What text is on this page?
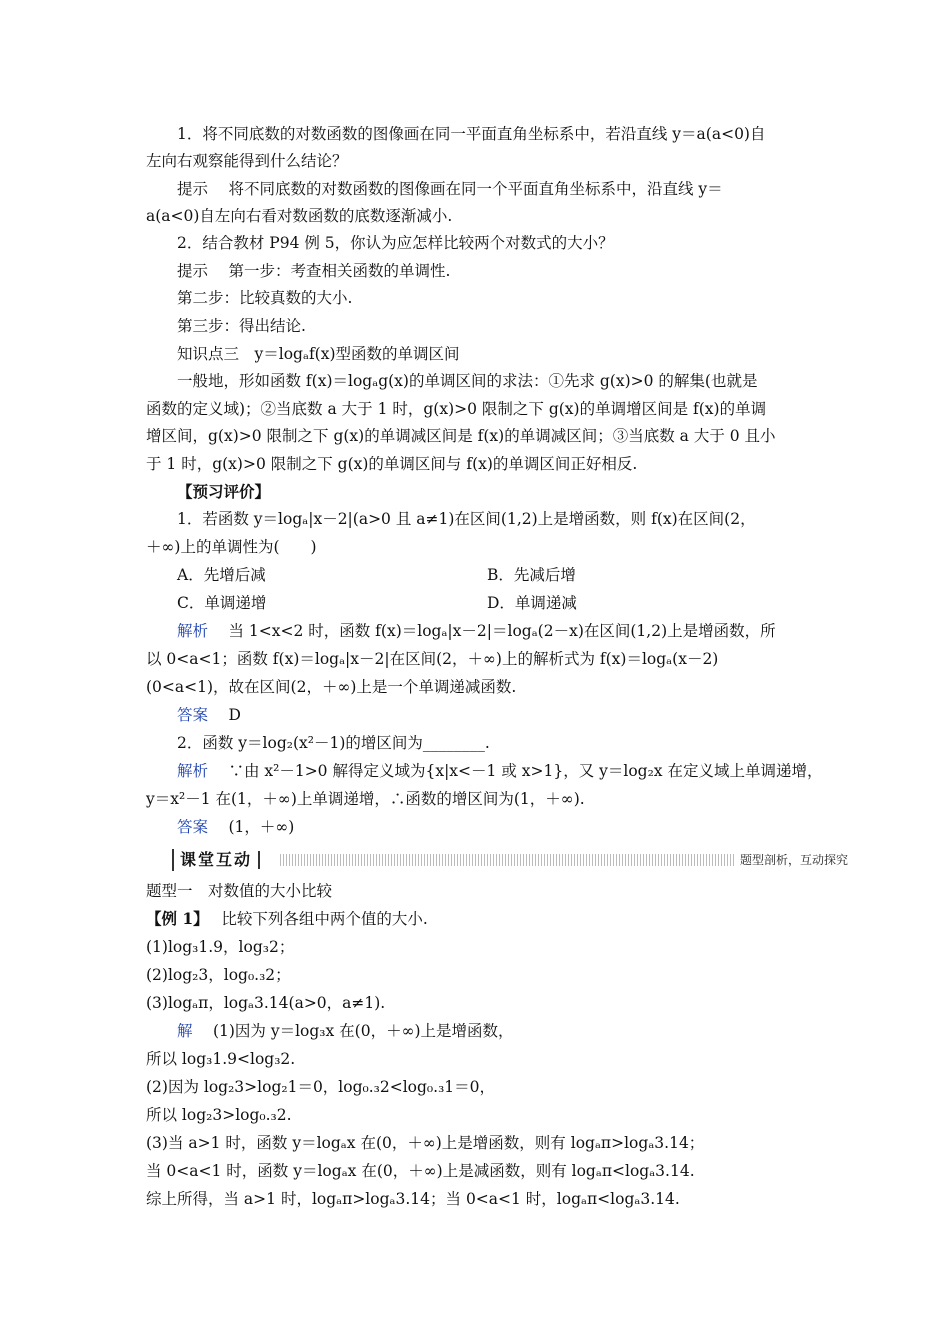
1．将不同底数的对数函数的图像画在同一平面直角坐标系中，若沿直线 y＝a(a<0)自
左向右观察能得到什么结论？
提示　 将不同底数的对数函数的图像画在同一个平面直角坐标系中，沿直线 y＝
a(a<0)自左向右看对数函数的底数逐渐减小.
2．结合教材 P94 例 5，你认为应怎样比较两个对数式的大小？
提示　 第一步：考查相关函数的单调性.
第二步：比较真数的大小.
第三步：得出结论.
知识点三　y＝logₐf(x)型函数的单调区间
一般地，形如函数 f(x)＝logₐg(x)的单调区间的求法：①先求 g(x)>0 的解集(也就是
函数的定义域)；②当底数 a 大于 1 时，g(x)>0 限制之下 g(x)的单调增区间是 f(x)的单调
增区间，g(x)>0 限制之下 g(x)的单调减区间是 f(x)的单调减区间；③当底数 a 大于 0 且小
于 1 时，g(x)>0 限制之下 g(x)的单调区间与 f(x)的单调区间正好相反.
【预习评价】
1．若函数 y＝logₐ|x－2|(a>0 且 a≠1)在区间(1,2)上是增函数，则 f(x)在区间(2，
＋∞)上的单调性为(　　)
A．先增后减	B．先减后增
C．单调递增	D．单调递减
解析　 当 1<x<2 时，函数 f(x)＝logₐ|x－2|＝logₐ(2－x)在区间(1,2)上是增函数，所
以 0<a<1；函数 f(x)＝logₐ|x－2|在区间(2，＋∞)上的解析式为 f(x)＝logₐ(x－2)
(0<a<1)，故在区间(2，＋∞)上是一个单调递减函数.
答案　 D
2．函数 y＝log₂(x²－1)的增区间为________.
解析　 ∵由 x²－1>0 解得定义域为{x|x<－1 或 x>1}，又 y＝log₂x 在定义域上单调递增，
y＝x²－1 在(1，＋∞)上单调递增，∴函数的增区间为(1，＋∞).
答案　 (1，＋∞)
课堂互动	题型剖析，互动探究
题型一　对数值的大小比较
【例 1】　 比较下列各组中两个值的大小.
(1)log₃1.9，log₃2；
(2)log₂3，log₀.₃2；
(3)logₐπ，logₐ3.14(a>0，a≠1).
解　 (1)因为 y＝log₃x 在(0，＋∞)上是增函数，
所以 log₃1.9<log₃2.
(2)因为 log₂3>log₂1＝0，log₀.₃2<log₀.₃1＝0，
所以 log₂3>log₀.₃2.
(3)当 a>1 时，函数 y＝logₐx 在(0，＋∞)上是增函数，则有 logₐπ>logₐ3.14；
当 0<a<1 时，函数 y＝logₐx 在(0，＋∞)上是减函数，则有 logₐπ<logₐ3.14.
综上所得，当 a>1 时，logₐπ>logₐ3.14；当 0<a<1 时，logₐπ<logₐ3.14.
